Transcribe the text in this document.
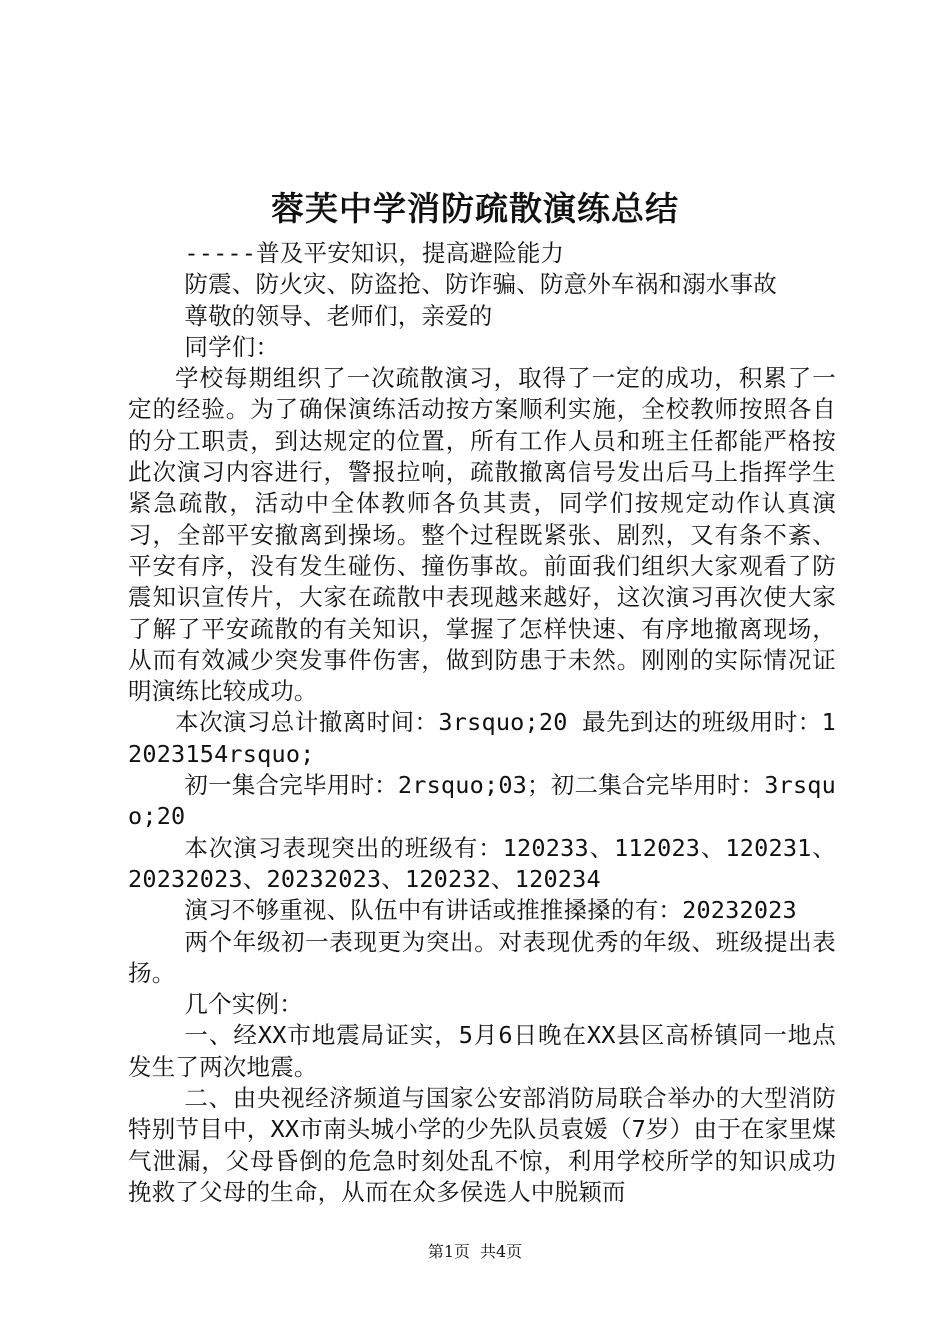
蓉芙中学消防疏散演练总结

-----普及平安知识，提高避险能力

防震、防火灾、防盗抢、防诈骗、防意外车祸和溺水事故

尊敬的领导、老师们，亲爱的

同学们：

学校每期组织了一次疏散演习，取得了一定的成功，积累了一定的经验。为了确保演练活动按方案顺利实施，全校教师按照各自的分工职责，到达规定的位置，所有工作人员和班主任都能严格按此次演习内容进行，警报拉响，疏散撤离信号发出后马上指挥学生紧急疏散，活动中全体教师各负其责，同学们按规定动作认真演习，全部平安撤离到操场。整个过程既紧张、剧烈，又有条不紊、平安有序，没有发生碰伤、撞伤事故。前面我们组织大家观看了防震知识宣传片，大家在疏散中表现越来越好，这次演习再次使大家了解了平安疏散的有关知识，掌握了怎样快速、有序地撤离现场，从而有效减少突发事件伤害，做到防患于未然。刚刚的实际情况证明演练比较成功。

本次演习总计撤离时间：3rsquo;20 最先到达的班级用时：12023154rsquo;

初一集合完毕用时：2rsquo;03；初二集合完毕用时：3rsquo;20

本次演习表现突出的班级有：120233、112023、120231、20232023、20232023、120232、120234

演习不够重视、队伍中有讲话或推推搡搡的有：20232023

两个年级初一表现更为突出。对表现优秀的年级、班级提出表扬。

几个实例：

一、经XX市地震局证实，5月6日晚在XX县区高桥镇同一地点发生了两次地震。

二、由央视经济频道与国家公安部消防局联合举办的大型消防特别节目中，XX市南头城小学的少先队员袁媛（7岁）由于在家里煤气泄漏，父母昏倒的危急时刻处乱不惊，利用学校所学的知识成功挽救了父母的生命，从而在众多侯选人中脱颖而

第1页 共4页
